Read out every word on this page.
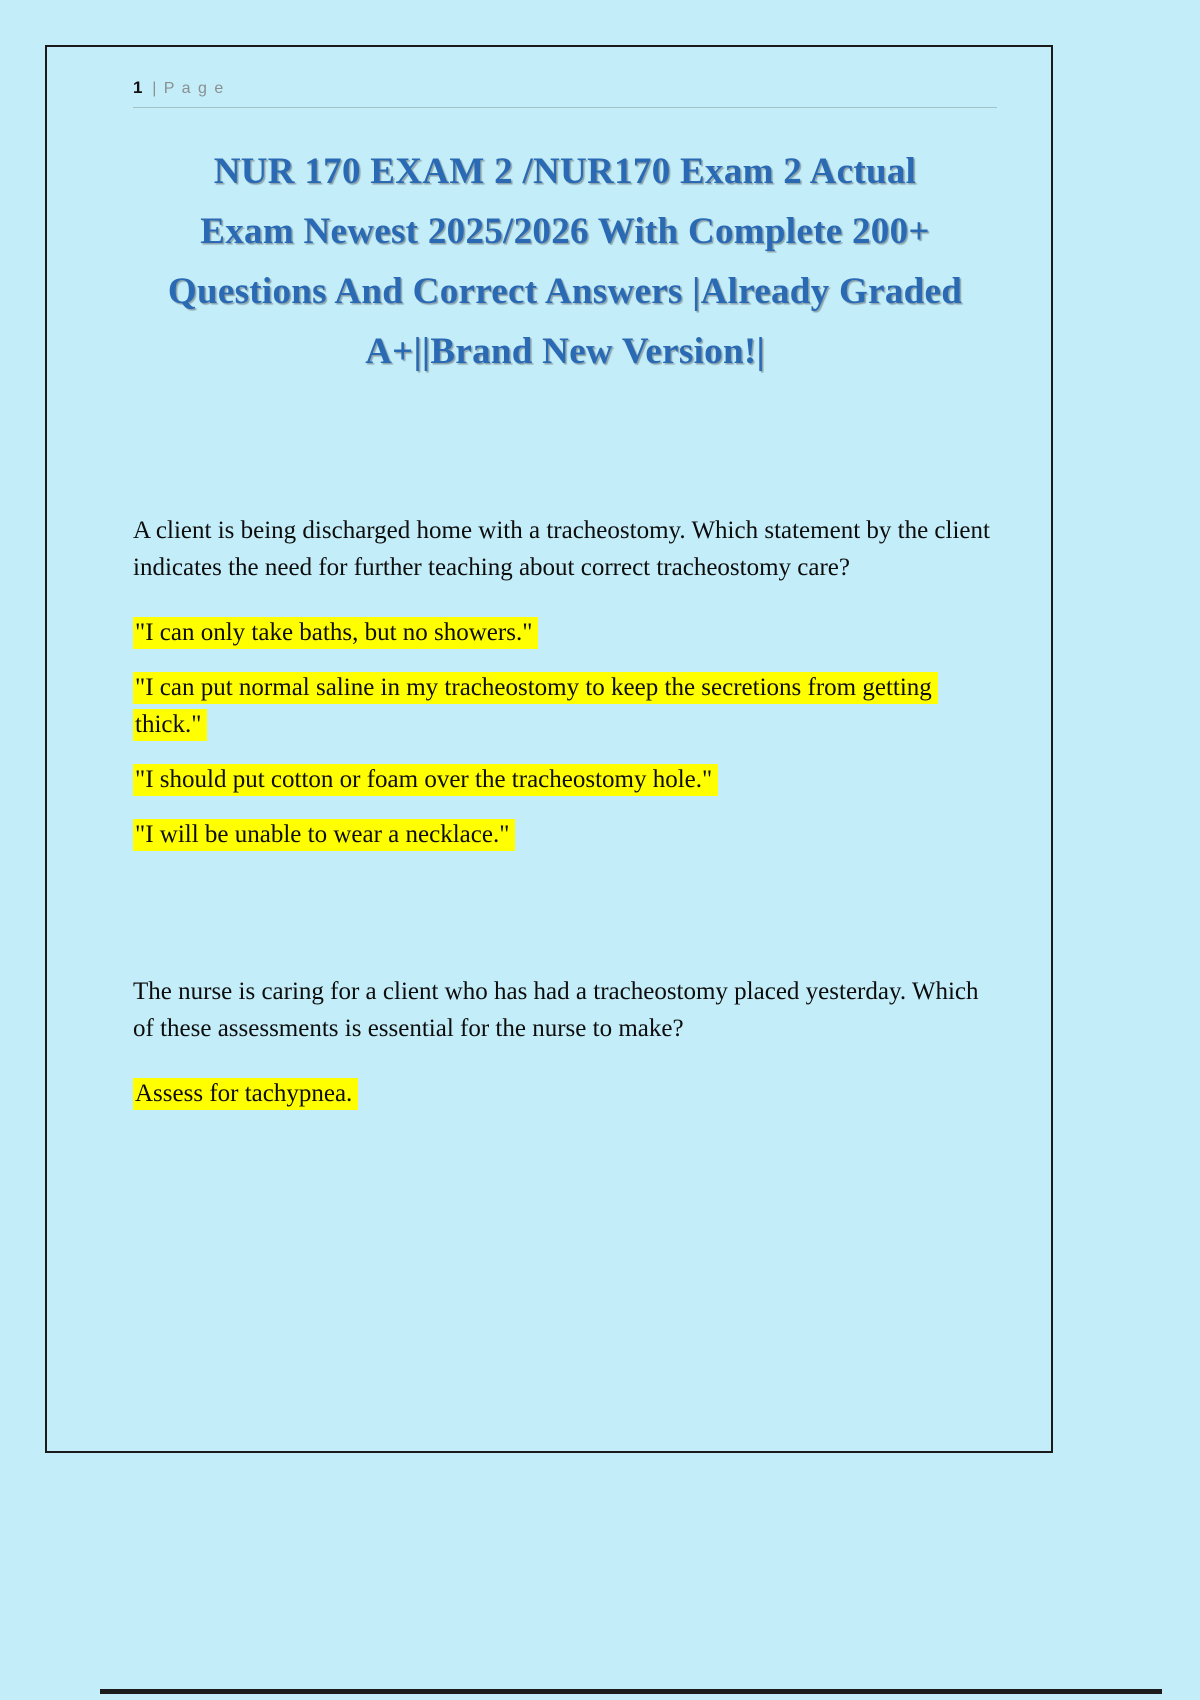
1 | P a g e
NUR 170 EXAM 2 /NUR170 Exam 2 Actual
Exam Newest 2025/2026 With Complete 200+
Questions And Correct Answers |Already Graded
A+||Brand New Version!|

A client is being discharged home with a tracheostomy. Which statement by the client indicates the need for further teaching about correct tracheostomy care?

"I can only take baths, but no showers."

"I can put normal saline in my tracheostomy to keep the secretions from getting thick."

"I should put cotton or foam over the tracheostomy hole."

"I will be unable to wear a necklace."

The nurse is caring for a client who has had a tracheostomy placed yesterday. Which of these assessments is essential for the nurse to make?

Assess for tachypnea.
